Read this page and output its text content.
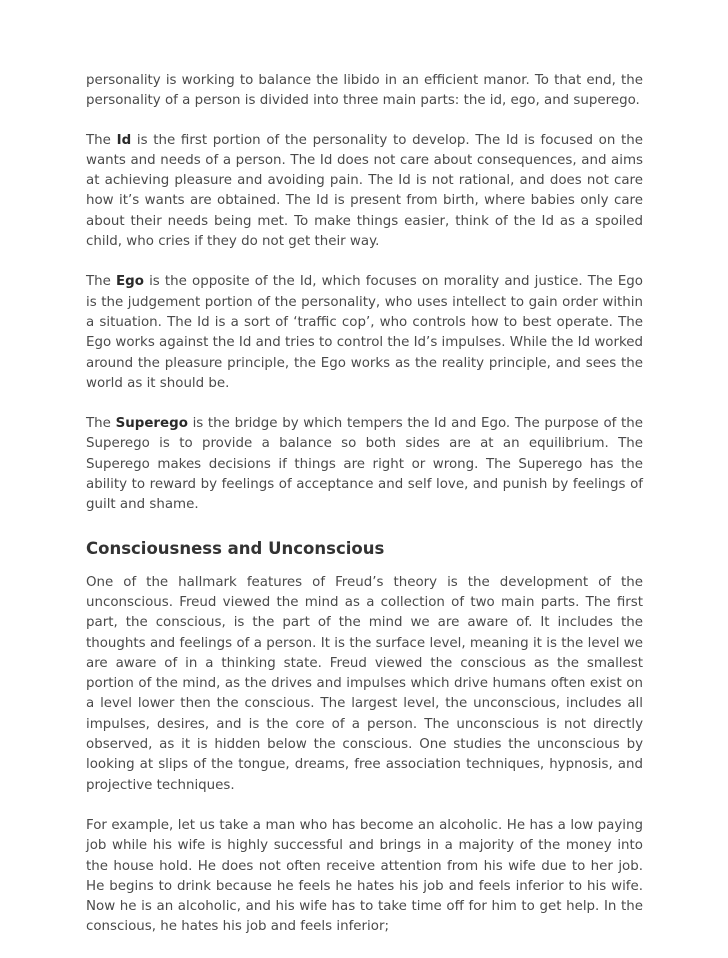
personality is working to balance the libido in an efficient manor. To that end, the personality of a person is divided into three main parts: the id, ego, and superego.

The Id is the first portion of the personality to develop. The Id is focused on the wants and needs of a person. The Id does not care about consequences, and aims at achieving pleasure and avoiding pain. The Id is not rational, and does not care how it’s wants are obtained. The Id is present from birth, where babies only care about their needs being met. To make things easier, think of the Id as a spoiled child, who cries if they do not get their way.

The Ego is the opposite of the Id, which focuses on morality and justice. The Ego is the judgement portion of the personality, who uses intellect to gain order within a situation. The Id is a sort of ‘traffic cop’, who controls how to best operate. The Ego works against the Id and tries to control the Id’s impulses. While the Id worked around the pleasure principle, the Ego works as the reality principle, and sees the world as it should be.

The Superego is the bridge by which tempers the Id and Ego. The purpose of the Superego is to provide a balance so both sides are at an equilibrium. The Superego makes decisions if things are right or wrong. The Superego has the ability to reward by feelings of acceptance and self love, and punish by feelings of guilt and shame.

Consciousness and Unconscious

One of the hallmark features of Freud’s theory is the development of the unconscious. Freud viewed the mind as a collection of two main parts. The first part, the conscious, is the part of the mind we are aware of. It includes the thoughts and feelings of a person. It is the surface level, meaning it is the level we are aware of in a thinking state. Freud viewed the conscious as the smallest portion of the mind, as the drives and impulses which drive humans often exist on a level lower then the conscious. The largest level, the unconscious, includes all impulses, desires, and is the core of a person. The unconscious is not directly observed, as it is hidden below the conscious. One studies the unconscious by looking at slips of the tongue, dreams, free association techniques, hypnosis, and projective techniques.

For example, let us take a man who has become an alcoholic. He has a low paying job while his wife is highly successful and brings in a majority of the money into the house hold. He does not often receive attention from his wife due to her job. He begins to drink because he feels he hates his job and feels inferior to his wife. Now he is an alcoholic, and his wife has to take time off for him to get help. In the conscious, he hates his job and feels inferior;
